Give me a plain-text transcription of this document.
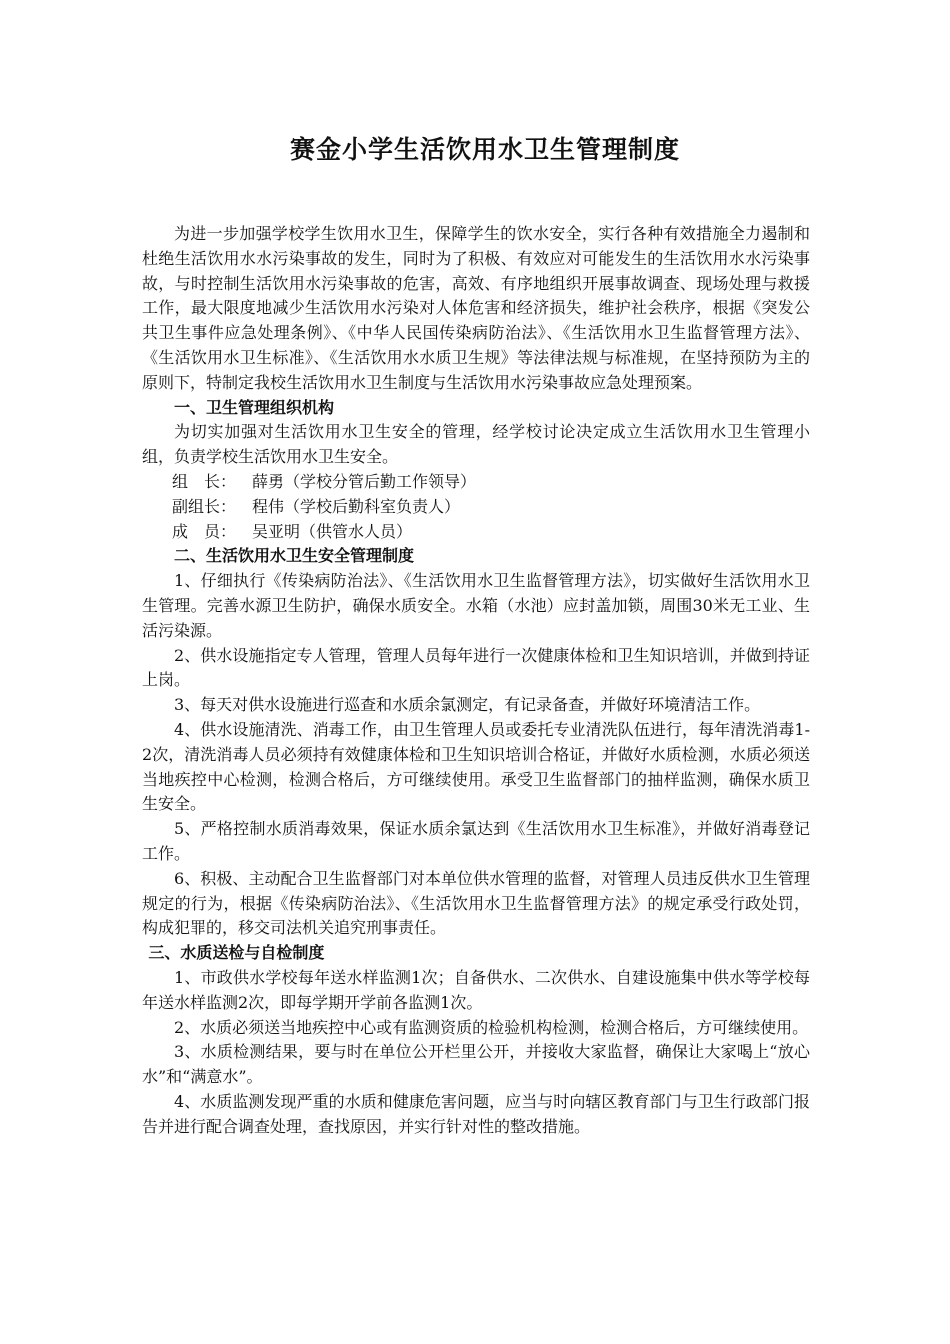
赛金小学生活饮用水卫生管理制度

为进一步加强学校学生饮用水卫生，保障学生的饮水安全，实行各种有效措施全力遏制和杜绝生活饮用水水污染事故的发生，同时为了积极、有效应对可能发生的生活饮用水水污染事故，与时控制生活饮用水污染事故的危害，高效、有序地组织开展事故调查、现场处理与救援工作，最大限度地减少生活饮用水污染对人体危害和经济损失，维护社会秩序，根据《突发公共卫生事件应急处理条例》、《中华人民国传染病防治法》、《生活饮用水卫生监督管理方法》、《生活饮用水卫生标准》、《生活饮用水水质卫生规》等法律法规与标准规，在坚持预防为主的原则下，特制定我校生活饮用水卫生制度与生活饮用水污染事故应急处理预案。

一、卫生管理组织机构

为切实加强对生活饮用水卫生安全的管理，经学校讨论决定成立生活饮用水卫生管理小组，负责学校生活饮用水卫生安全。

组　长： 薛勇（学校分管后勤工作领导）

副组长： 程伟（学校后勤科室负责人）

成　员： 吴亚明（供管水人员）

二、生活饮用水卫生安全管理制度

1、仔细执行《传染病防治法》、《生活饮用水卫生监督管理方法》，切实做好生活饮用水卫生管理。完善水源卫生防护，确保水质安全。水箱（水池）应封盖加锁，周围30米无工业、生活污染源。

2、供水设施指定专人管理，管理人员每年进行一次健康体检和卫生知识培训，并做到持证上岗。

3、每天对供水设施进行巡查和水质余氯测定，有记录备查，并做好环境清洁工作。

4、供水设施清洗、消毒工作，由卫生管理人员或委托专业清洗队伍进行，每年清洗消毒1-2次，清洗消毒人员必须持有效健康体检和卫生知识培训合格证，并做好水质检测，水质必须送当地疾控中心检测，检测合格后，方可继续使用。承受卫生监督部门的抽样监测，确保水质卫生安全。

5、严格控制水质消毒效果，保证水质余氯达到《生活饮用水卫生标准》，并做好消毒登记工作。

6、积极、主动配合卫生监督部门对本单位供水管理的监督，对管理人员违反供水卫生管理规定的行为，根据《传染病防治法》、《生活饮用水卫生监督管理方法》的规定承受行政处罚，构成犯罪的，移交司法机关追究刑事责任。

三、水质送检与自检制度

1、市政供水学校每年送水样监测1次；自备供水、二次供水、自建设施集中供水等学校每年送水样监测2次，即每学期开学前各监测1次。

2、水质必须送当地疾控中心或有监测资质的检验机构检测，检测合格后，方可继续使用。

3、水质检测结果，要与时在单位公开栏里公开，并接收大家监督，确保让大家喝上“放心水”和“满意水”。

4、水质监测发现严重的水质和健康危害问题，应当与时向辖区教育部门与卫生行政部门报告并进行配合调查处理，查找原因，并实行针对性的整改措施。
